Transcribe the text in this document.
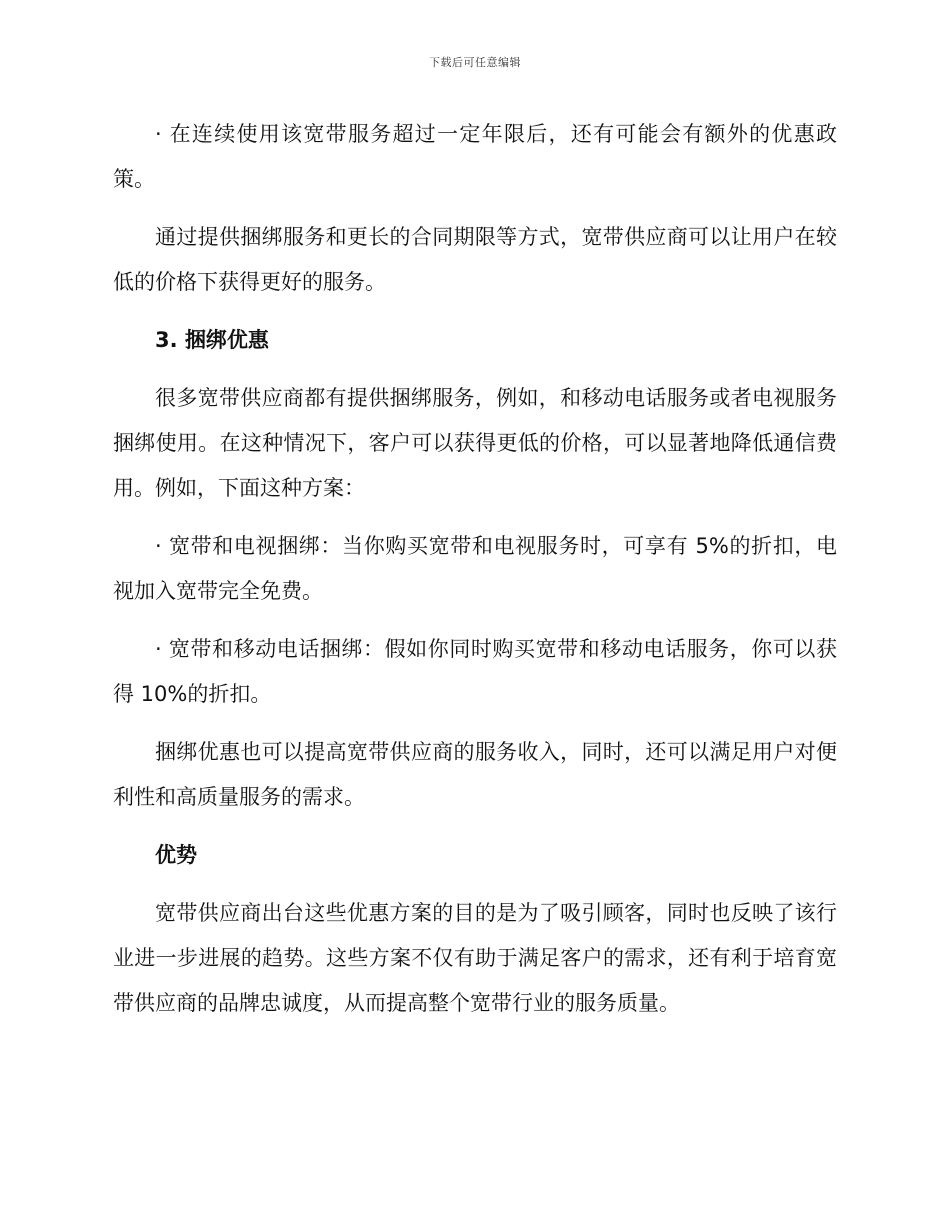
下载后可任意编辑

· 在连续使用该宽带服务超过一定年限后，还有可能会有额外的优惠政策。

通过提供捆绑服务和更长的合同期限等方式，宽带供应商可以让用户在较低的价格下获得更好的服务。

3. 捆绑优惠

很多宽带供应商都有提供捆绑服务，例如，和移动电话服务或者电视服务捆绑使用。在这种情况下，客户可以获得更低的价格，可以显著地降低通信费用。例如，下面这种方案：

· 宽带和电视捆绑：当你购买宽带和电视服务时，可享有 5%的折扣，电视加入宽带完全免费。

· 宽带和移动电话捆绑：假如你同时购买宽带和移动电话服务，你可以获得 10%的折扣。

捆绑优惠也可以提高宽带供应商的服务收入，同时，还可以满足用户对便利性和高质量服务的需求。

优势

宽带供应商出台这些优惠方案的目的是为了吸引顾客，同时也反映了该行业进一步进展的趋势。这些方案不仅有助于满足客户的需求，还有利于培育宽带供应商的品牌忠诚度，从而提高整个宽带行业的服务质量。
